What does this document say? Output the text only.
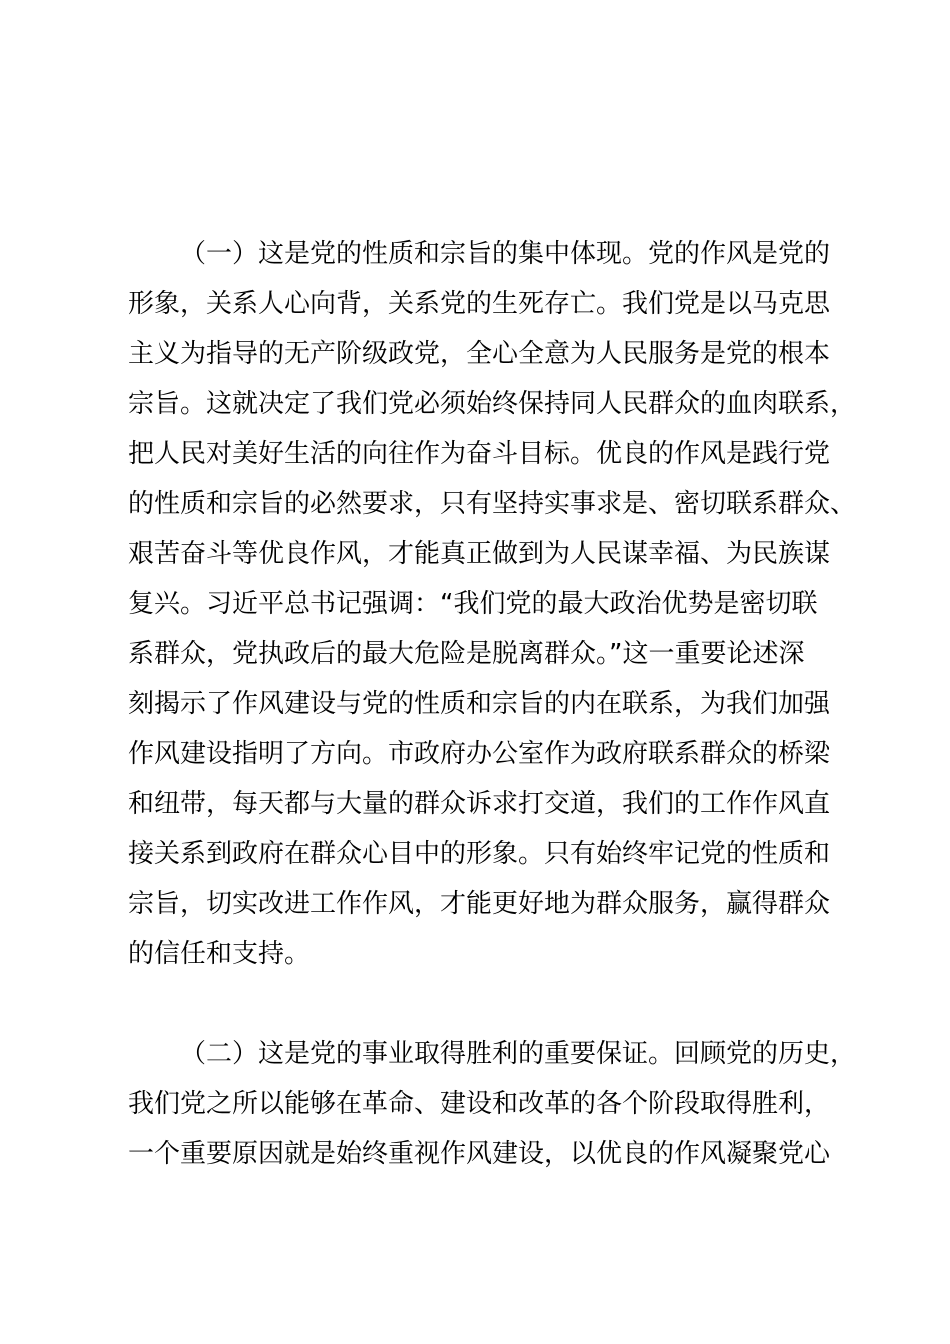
（一）这是党的性质和宗旨的集中体现。党的作风是党的
形象，关系人心向背，关系党的生死存亡。我们党是以马克思
主义为指导的无产阶级政党，全心全意为人民服务是党的根本
宗旨。这就决定了我们党必须始终保持同人民群众的血肉联系，
把人民对美好生活的向往作为奋斗目标。优良的作风是践行党
的性质和宗旨的必然要求，只有坚持实事求是、密切联系群众、
艰苦奋斗等优良作风，才能真正做到为人民谋幸福、为民族谋
复兴。习近平总书记强调：“我们党的最大政治优势是密切联
系群众，党执政后的最大危险是脱离群众。”这一重要论述深
刻揭示了作风建设与党的性质和宗旨的内在联系，为我们加强
作风建设指明了方向。市政府办公室作为政府联系群众的桥梁
和纽带，每天都与大量的群众诉求打交道，我们的工作作风直
接关系到政府在群众心目中的形象。只有始终牢记党的性质和
宗旨，切实改进工作作风，才能更好地为群众服务，赢得群众
的信任和支持。
（二）这是党的事业取得胜利的重要保证。回顾党的历史，
我们党之所以能够在革命、建设和改革的各个阶段取得胜利，
一个重要原因就是始终重视作风建设，以优良的作风凝聚党心
